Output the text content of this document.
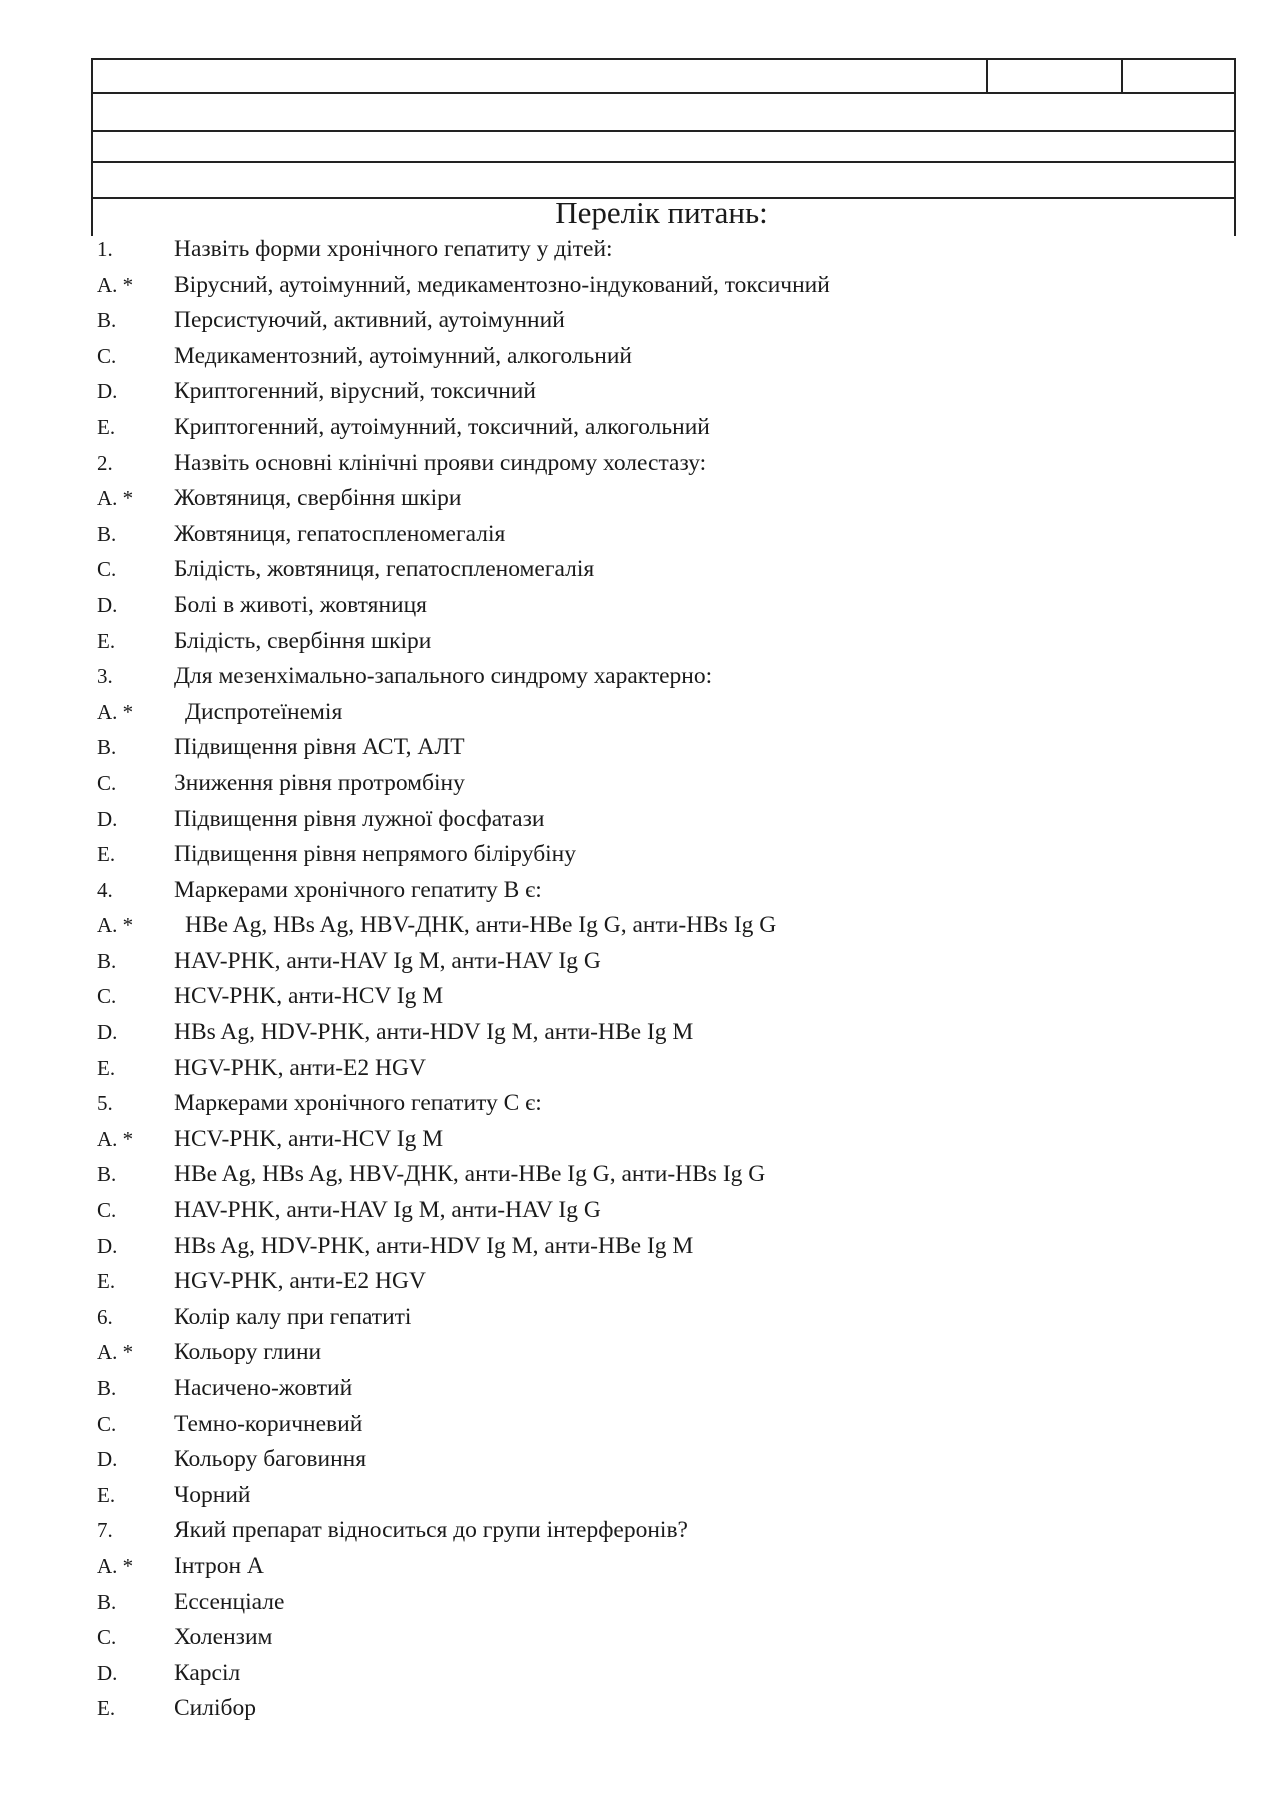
Перелік питань:
1.	Назвіть форми хронічного гепатиту у дітей:
A. * Вірусний, аутоімунний, медикаментозно-індукований, токсичний
B. Персистуючий, активний, аутоімунний
C. Медикаментозний, аутоімунний, алкогольний
D. Криптогенний, вірусний, токсичний
E.	Криптогенний, аутоімунний, токсичний, алкогольний
2.	Назвіть основні клінічні прояви синдрому холестазу:
A. * Жовтяниця, свербіння шкіри
B. Жовтяниця, гепатоспленомегалія
C. Блідість, жовтяниця, гепатоспленомегалія
D. Болі в животі, жовтяниця
E.	Блідість, свербіння шкіри
3.	Для мезенхімально-запального синдрому характерно:
A. * Диспротеїнемія
B. Підвищення рівня АСТ, АЛТ
C. Зниження рівня протромбіну
D. Підвищення рівня лужної фосфатази
E.	Підвищення рівня непрямого білірубіну
4.	Маркерами хронічного гепатиту В є:
A. * HBe Ag, HBs Ag, HBV-ДНК, анти-HBe Ig G, анти-HBs Ig G
B. HAV-PHK, анти-HAV Ig M, анти-HAV Ig G
C. HCV-PHK, анти-HCV Ig M
D. HBs Ag, HDV-PHK, анти-HDV Ig M, анти-HBe Ig M
E.	HGV-PHK, анти-E2 HGV
5.	Маркерами хронічного гепатиту С є:
A. * HCV-PHK, анти-HCV Ig M
B. HBe Ag, HBs Ag, HBV-ДНК, анти-HBe Ig G, анти-HBs Ig G
C. HAV-PHK, анти-HAV Ig M, анти-HAV Ig G
D. HBs Ag, HDV-PHK, анти-HDV Ig M, анти-HBe Ig M
E.	HGV-PHK, анти-E2 HGV
6.	Колір калу при гепатиті
A. * Кольору глини
B. Насичено-жовтий
C. Темно-коричневий
D. Кольору баговиння
E.	Чорний
7.	Який препарат відноситься до групи інтерферонів?
A. * Інтрон А
B. Ессенціале
C. Холензим
D. Карсіл
E.	Силібор
